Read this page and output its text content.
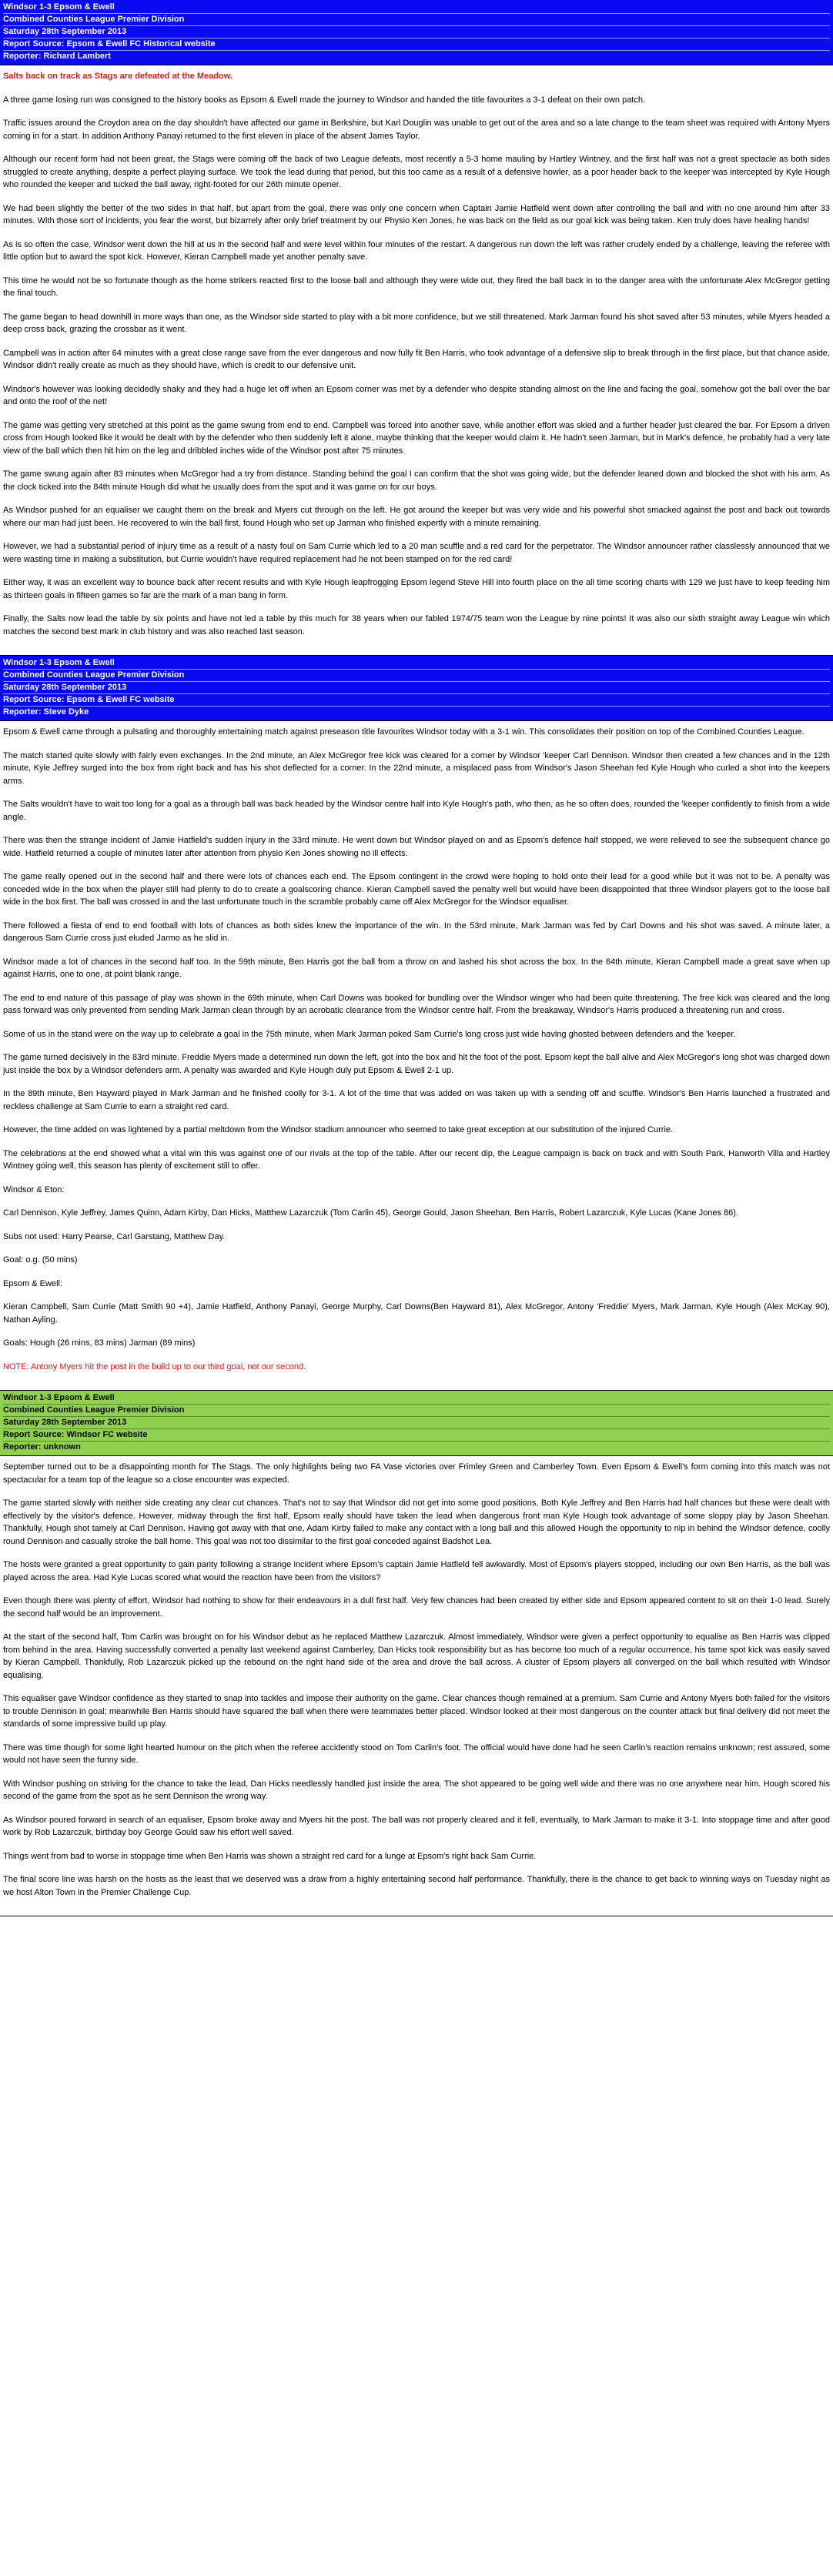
Windsor 1-3 Epsom & Ewell
Combined Counties League Premier Division
Saturday 28th September 2013
Report Source: Epsom & Ewell FC Historical website
Reporter: Richard Lambert

Salts back on track as Stags are defeated at the Meadow.

A three game losing run was consigned to the history books as Epsom & Ewell made the journey to Windsor and handed the title favourites a 3-1 defeat on their own patch.

Traffic issues around the Croydon area on the day shouldn't have affected our game in Berkshire, but Karl Douglin was unable to get out of the area and so a late change to the team sheet was required with Antony Myers coming in for a start. In addition Anthony Panayi returned to the first eleven in place of the absent James Taylor.

Although our recent form had not been great, the Stags were coming off the back of two League defeats, most recently a 5-3 home mauling by Hartley Wintney, and the first half was not a great spectacle as both sides struggled to create anything, despite a perfect playing surface. We took the lead during that period, but this too came as a result of a defensive howler, as a poor header back to the keeper was intercepted by Kyle Hough who rounded the keeper and tucked the ball away, right-footed for our 26th minute opener.

We had been slightly the better of the two sides in that half, but apart from the goal, there was only one concern when Captain Jamie Hatfield went down after controlling the ball and with no one around him after 33 minutes. With those sort of incidents, you fear the worst, but bizarrely after only brief treatment by our Physio Ken Jones, he was back on the field as our goal kick was being taken. Ken truly does have healing hands!

As is so often the case, Windsor went down the hill at us in the second half and were level within four minutes of the restart. A dangerous run down the left was rather crudely ended by a challenge, leaving the referee with little option but to award the spot kick. However, Kieran Campbell made yet another penalty save.

This time he would not be so fortunate though as the home strikers reacted first to the loose ball and although they were wide out, they fired the ball back in to the danger area with the unfortunate Alex McGregor getting the final touch.

The game began to head downhill in more ways than one, as the Windsor side started to play with a bit more confidence, but we still threatened. Mark Jarman found his shot saved after 53 minutes, while Myers headed a deep cross back, grazing the crossbar as it went.

Campbell was in action after 64 minutes with a great close range save from the ever dangerous and now fully fit Ben Harris, who took advantage of a defensive slip to break through in the first place, but that chance aside, Windsor didn't really create as much as they should have, which is credit to our defensive unit.

Windsor's however was looking decidedly shaky and they had a huge let off when an Epsom corner was met by a defender who despite standing almost on the line and facing the goal, somehow got the ball over the bar and onto the roof of the net!

The game was getting very stretched at this point as the game swung from end to end. Campbell was forced into another save, while another effort was skied and a further header just cleared the bar. For Epsom a driven cross from Hough looked like it would be dealt with by the defender who then suddenly left it alone, maybe thinking that the keeper would claim it. He hadn't seen Jarman, but in Mark's defence, he probably had a very late view of the ball which then hit him on the leg and dribbled inches wide of the Windsor post after 75 minutes.

The game swung again after 83 minutes when McGregor had a try from distance. Standing behind the goal I can confirm that the shot was going wide, but the defender leaned down and blocked the shot with his arm. As the clock ticked into the 84th minute Hough did what he usually does from the spot and it was game on for our boys.

As Windsor pushed for an equaliser we caught them on the break and Myers cut through on the left. He got around the keeper but was very wide and his powerful shot smacked against the post and back out towards where our man had just been. He recovered to win the ball first, found Hough who set up Jarman who finished expertly with a minute remaining.

However, we had a substantial period of injury time as a result of a nasty foul on Sam Currie which led to a 20 man scuffle and a red card for the perpetrator. The Windsor announcer rather classlessly announced that we were wasting time in making a substitution, but Currie wouldn't have required replacement had he not been stamped on for the red card!

Either way, it was an excellent way to bounce back after recent results and with Kyle Hough leapfrogging Epsom legend Steve Hill into fourth place on the all time scoring charts with 129 we just have to keep feeding him as thirteen goals in fifteen games so far are the mark of a man bang in form.

Finally, the Salts now lead the table by six points and have not led a table by this much for 38 years when our fabled 1974/75 team won the League by nine points! It was also our sixth straight away League win which matches the second best mark in club history and was also reached last season.

Windsor 1-3 Epsom & Ewell
Combined Counties League Premier Division
Saturday 28th September 2013
Report Source: Epsom & Ewell FC website
Reporter: Steve Dyke

Epsom & Ewell came through a pulsating and thoroughly entertaining match against preseason title favourites Windsor today with a 3-1 win. This consolidates their position on top of the Combined Counties League.

The match started quite slowly with fairly even exchanges. In the 2nd minute, an Alex McGregor free kick was cleared for a corner by Windsor 'keeper Carl Dennison. Windsor then created a few chances and in the 12th minute, Kyle Jeffrey surged into the box from right back and has his shot deflected for a corner. In the 22nd minute, a misplaced pass from Windsor's Jason Sheehan fed Kyle Hough who curled a shot into the keepers arms.

The Salts wouldn't have to wait too long for a goal as a through ball was back headed by the Windsor centre half into Kyle Hough's path, who then, as he so often does, rounded the 'keeper confidently to finish from a wide angle.

There was then the strange incident of Jamie Hatfield's sudden injury in the 33rd minute. He went down but Windsor played on and as Epsom's defence half stopped, we were relieved to see the subsequent chance go wide. Hatfield returned a couple of minutes later after attention from physio Ken Jones showing no ill effects.

The game really opened out in the second half and there were lots of chances each end. The Epsom contingent in the crowd were hoping to hold onto their lead for a good while but it was not to be. A penalty was conceded wide in the box when the player still had plenty to do to create a goalscoring chance. Kieran Campbell saved the penalty well but would have been disappointed that three Windsor players got to the loose ball wide in the box first. The ball was crossed in and the last unfortunate touch in the scramble probably came off Alex McGregor for the Windsor equaliser.

There followed a fiesta of end to end football with lots of chances as both sides knew the importance of the win. In the 53rd minute, Mark Jarman was fed by Carl Downs and his shot was saved. A minute later, a dangerous Sam Currie cross just eluded Jarmo as he slid in.

Windsor made a lot of chances in the second half too. In the 59th minute, Ben Harris got the ball from a throw on and lashed his shot across the box. In the 64th minute, Kieran Campbell made a great save when up against Harris, one to one, at point blank range.

The end to end nature of this passage of play was shown in the 69th minute, when Carl Downs was booked for bundling over the Windsor winger who had been quite threatening. The free kick was cleared and the long pass forward was only prevented from sending Mark Jarman clean through by an acrobatic clearance from the Windsor centre half. From the breakaway, Windsor's Harris produced a threatening run and cross.

Some of us in the stand were on the way up to celebrate a goal in the 75th minute, when Mark Jarman poked Sam Currie's long cross just wide having ghosted between defenders and the 'keeper.

The game turned decisively in the 83rd minute. Freddie Myers made a determined run down the left, got into the box and hit the foot of the post. Epsom kept the ball alive and Alex McGregor's long shot was charged down just inside the box by a Windsor defenders arm. A penalty was awarded and Kyle Hough duly put Epsom & Ewell 2-1 up.

In the 89th minute, Ben Hayward played in Mark Jarman and he finished coolly for 3-1. A lot of the time that was added on was taken up with a sending off and scuffle. Windsor's Ben Harris launched a frustrated and reckless challenge at Sam Currie to earn a straight red card.

However, the time added on was lightened by a partial meltdown from the Windsor stadium announcer who seemed to take great exception at our substitution of the injured Currie.

The celebrations at the end showed what a vital win this was against one of our rivals at the top of the table. After our recent dip, the League campaign is back on track and with South Park, Hanworth Villa and Hartley Wintney going well, this season has plenty of excitement still to offer.

Windsor & Eton:

Carl Dennison, Kyle Jeffrey, James Quinn, Adam Kirby, Dan Hicks, Matthew Lazarczuk (Tom Carlin 45), George Gould, Jason Sheehan, Ben Harris, Robert Lazarczuk, Kyle Lucas (Kane Jones 86).

Subs not used: Harry Pearse, Carl Garstang, Matthew Day.

Goal: o.g. (50 mins)

Epsom & Ewell:

Kieran Campbell, Sam Currie (Matt Smith 90 +4), Jamie Hatfield, Anthony Panayi, George Murphy, Carl Downs(Ben Hayward 81), Alex McGregor, Antony 'Freddie' Myers, Mark Jarman, Kyle Hough (Alex McKay 90), Nathan Ayling.

Goals: Hough (26 mins, 83 mins) Jarman (89 mins)

NOTE: Antony Myers hit the post in the build up to our third goal, not our second.

Windsor 1-3 Epsom & Ewell
Combined Counties League Premier Division
Saturday 28th September 2013
Report Source: Windsor FC website
Reporter: unknown

September turned out to be a disappointing month for The Stags. The only highlights being two FA Vase victories over Frimley Green and Camberley Town. Even Epsom & Ewell's form coming into this match was not spectacular for a team top of the league so a close encounter was expected.

The game started slowly with neither side creating any clear cut chances. That's not to say that Windsor did not get into some good positions. Both Kyle Jeffrey and Ben Harris had half chances but these were dealt with effectively by the visitor's defence. However, midway through the first half, Epsom really should have taken the lead when dangerous front man Kyle Hough took advantage of some sloppy play by Jason Sheehan. Thankfully, Hough shot tamely at Carl Dennison. Having got away with that one, Adam Kirby failed to make any contact with a long ball and this allowed Hough the opportunity to nip in behind the Windsor defence, coolly round Dennison and casually stroke the ball home. This goal was not too dissimilar to the first goal conceded against Badshot Lea.

The hosts were granted a great opportunity to gain parity following a strange incident where Epsom's captain Jamie Hatfield fell awkwardly. Most of Epsom's players stopped, including our own Ben Harris, as the ball was played across the area. Had Kyle Lucas scored what would the reaction have been from the visitors?

Even though there was plenty of effort, Windsor had nothing to show for their endeavours in a dull first half. Very few chances had been created by either side and Epsom appeared content to sit on their 1-0 lead. Surely the second half would be an improvement.

At the start of the second half, Tom Carlin was brought on for his Windsor debut as he replaced Matthew Lazarczuk. Almost immediately, Windsor were given a perfect opportunity to equalise as Ben Harris was clipped from behind in the area. Having successfully converted a penalty last weekend against Camberley, Dan Hicks took responsibility but as has become too much of a regular occurrence, his tame spot kick was easily saved by Kieran Campbell. Thankfully, Rob Lazarczuk picked up the rebound on the right hand side of the area and drove the ball across. A cluster of Epsom players all converged on the ball which resulted with Windsor equalising.

This equaliser gave Windsor confidence as they started to snap into tackles and impose their authority on the game. Clear chances though remained at a premium. Sam Currie and Antony Myers both failed for the visitors to trouble Dennison in goal; meanwhile Ben Harris should have squared the ball when there were teammates better placed. Windsor looked at their most dangerous on the counter attack but final delivery did not meet the standards of some impressive build up play.

There was time though for some light hearted humour on the pitch when the referee accidently stood on Tom Carlin's foot. The official would have done had he seen Carlin's reaction remains unknown; rest assured, some would not have seen the funny side.

With Windsor pushing on striving for the chance to take the lead, Dan Hicks needlessly handled just inside the area. The shot appeared to be going well wide and there was no one anywhere near him. Hough scored his second of the game from the spot as he sent Dennison the wrong way.

As Windsor poured forward in search of an equaliser, Epsom broke away and Myers hit the post. The ball was not properly cleared and it fell, eventually, to Mark Jarman to make it 3-1. Into stoppage time and after good work by Rob Lazarczuk, birthday boy George Gould saw his effort well saved.

Things went from bad to worse in stoppage time when Ben Harris was shown a straight red card for a lunge at Epsom's right back Sam Currie.

The final score line was harsh on the hosts as the least that we deserved was a draw from a highly entertaining second half performance. Thankfully, there is the chance to get back to winning ways on Tuesday night as we host Alton Town in the Premier Challenge Cup.
